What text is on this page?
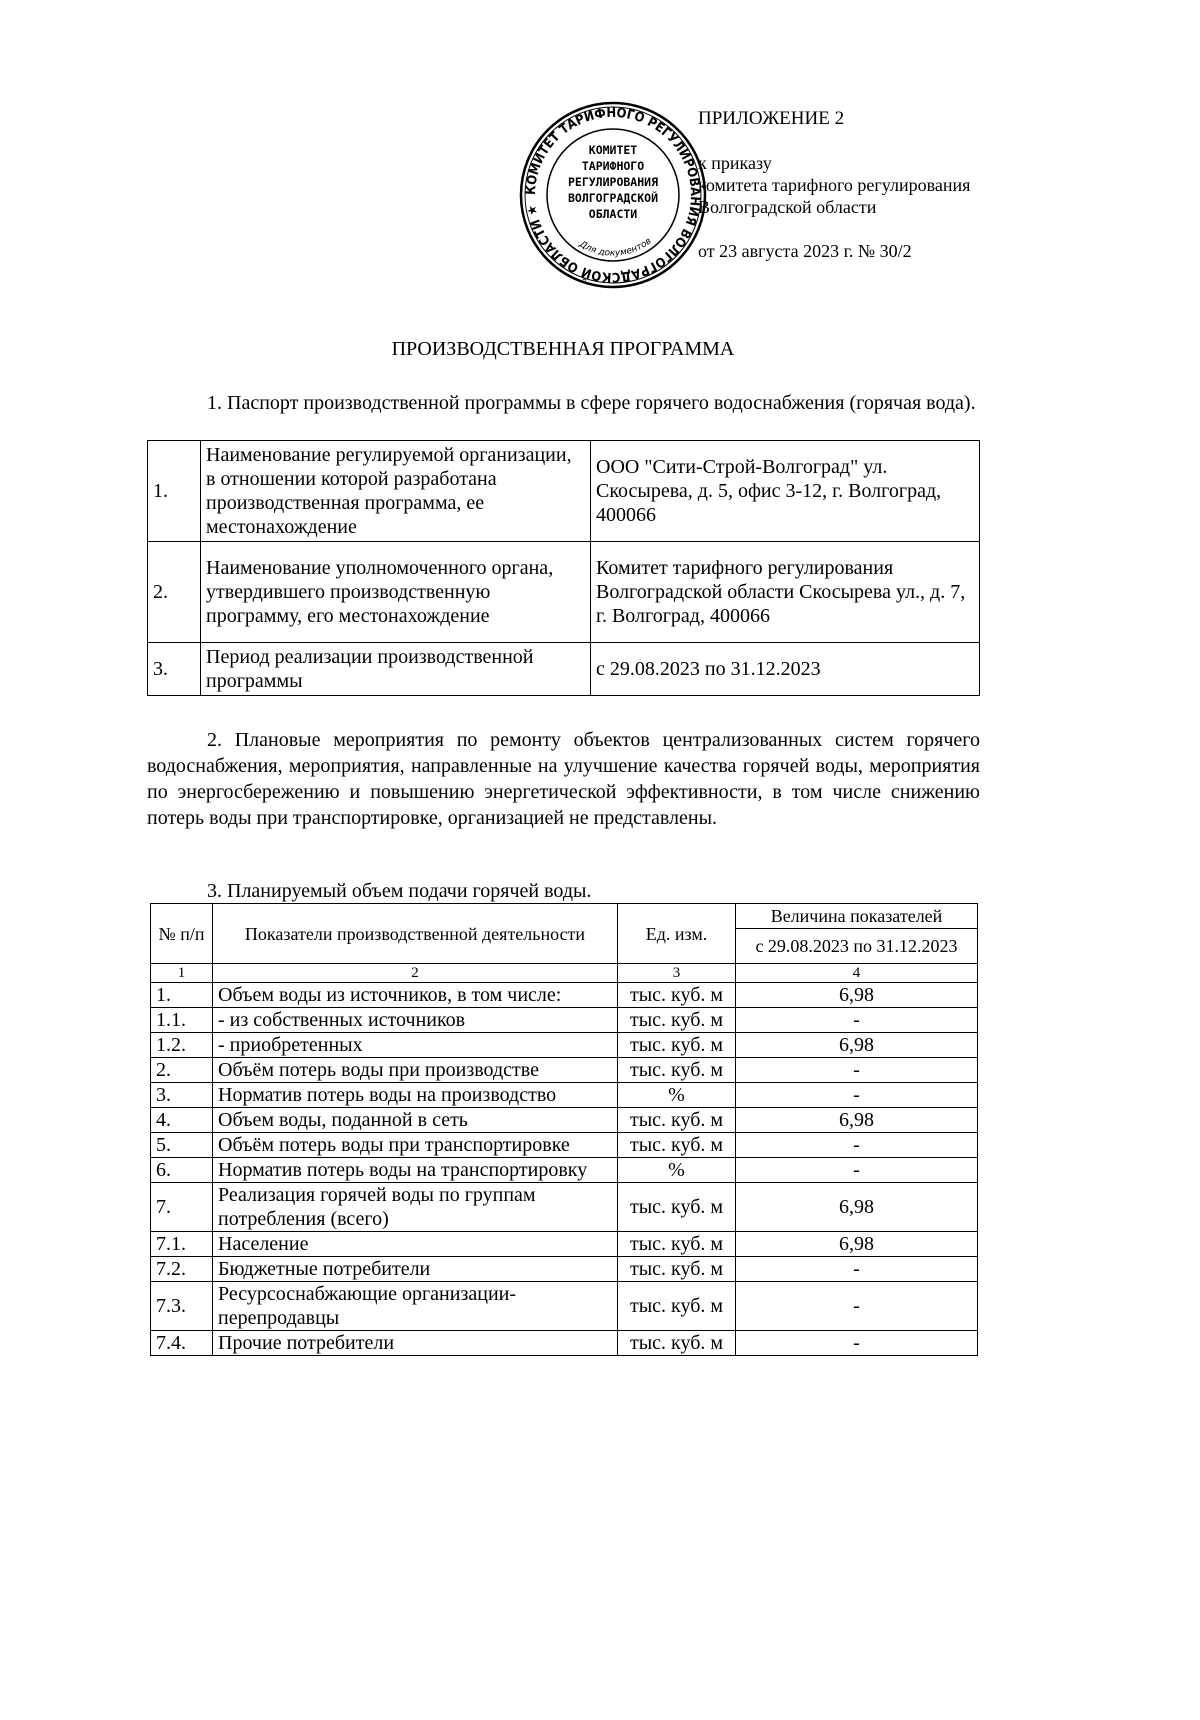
КОМИТЕТ ТАРИФНОГО РЕГУЛИРОВАНИЯ ВОЛГОГРАДСКОЙ ОБЛАСТИ ★
КОМИТЕТ
ТАРИФНОГО
РЕГУЛИРОВАНИЯ
ВОЛГОГРАДСКОЙ
ОБЛАСТИ
Для документов
ПРИЛОЖЕНИЕ 2
к приказу
комитета тарифного регулирования
Волгоградской области
от 23 августа 2023 г. № 30/2
ПРОИЗВОДСТВЕННАЯ ПРОГРАММА
1. Паспорт производственной программы в сфере горячего водоснабжения (горячая вода).
1.	Наименование регулируемой организации, в отношении которой разработана производственная программа, ее местонахождение	ООО "Сити-Строй-Волгоград" ул. Скосырева, д. 5, офис 3-12, г. Волгоград, 400066
2.	Наименование уполномоченного органа, утвердившего производственную программу, его местонахождение	Комитет тарифного регулирования Волгоградской области Скосырева ул., д. 7, г. Волгоград, 400066
3.	Период реализации производственной программы	с 29.08.2023 по 31.12.2023
2. Плановые мероприятия по ремонту объектов централизованных систем горячего водоснабжения, мероприятия, направленные на улучшение качества горячей воды, мероприятия по энергосбережению и повышению энергетической эффективности, в том числе снижению потерь воды при транспортировке, организацией не представлены.
3. Планируемый объем подачи горячей воды.
№ п/п	Показатели производственной деятельности	Ед. изм.	Величина показателей
			с 29.08.2023 по 31.12.2023
1	2	3	4
1.	Объем воды из источников, в том числе:	тыс. куб. м	6,98
1.1.	- из собственных источников	тыс. куб. м	-
1.2.	- приобретенных	тыс. куб. м	6,98
2.	Объём потерь воды при производстве	тыс. куб. м	-
3.	Норматив потерь воды на производство	%	-
4.	Объем воды, поданной в сеть	тыс. куб. м	6,98
5.	Объём потерь воды при транспортировке	тыс. куб. м	-
6.	Норматив потерь воды на транспортировку	%	-
7.	Реализация горячей воды по группам потребления (всего)	тыс. куб. м	6,98
7.1.	Население	тыс. куб. м	6,98
7.2.	Бюджетные потребители	тыс. куб. м	-
7.3.	Ресурсоснабжающие организации-перепродавцы	тыс. куб. м	-
7.4.	Прочие потребители	тыс. куб. м	-
